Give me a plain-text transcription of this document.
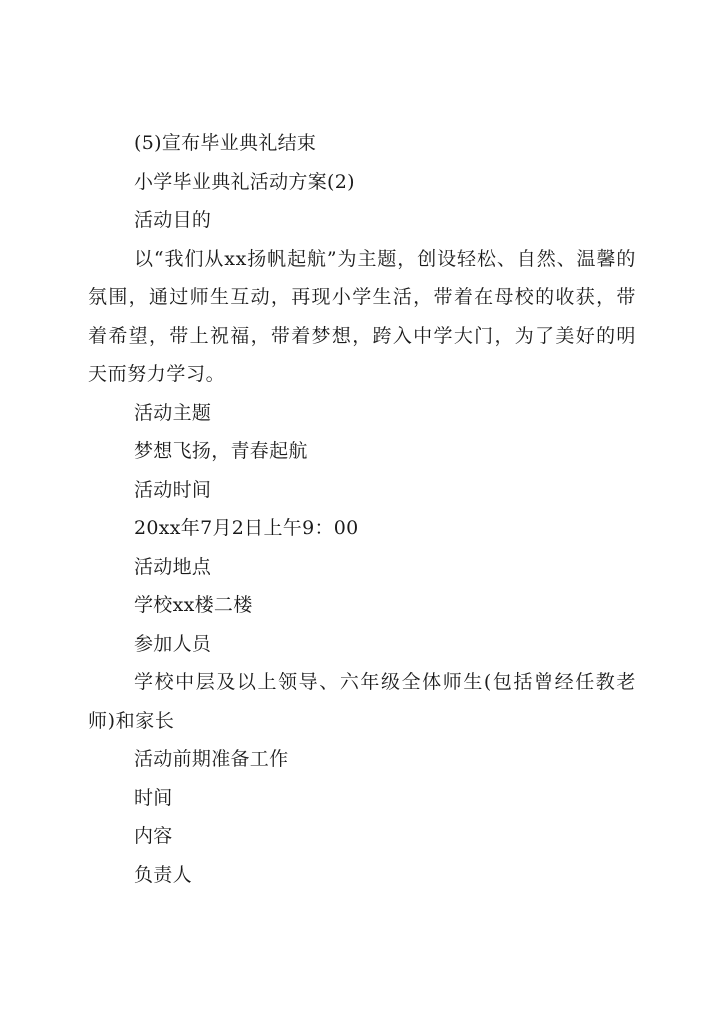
(5)宣布毕业典礼结束
小学毕业典礼活动方案(2)
活动目的

以“我们从xx扬帆起航”为主题，创设轻松、自然、温馨的氛围，通过师生互动，再现小学生活，带着在母校的收获，带着希望，带上祝福，带着梦想，跨入中学大门，为了美好的明天而努力学习。

活动主题
梦想飞扬，青春起航
活动时间
20xx年7月2日上午9：00
活动地点
学校xx楼二楼
参加人员

学校中层及以上领导、六年级全体师生(包括曾经任教老师)和家长

活动前期准备工作
时间
内容
负责人
